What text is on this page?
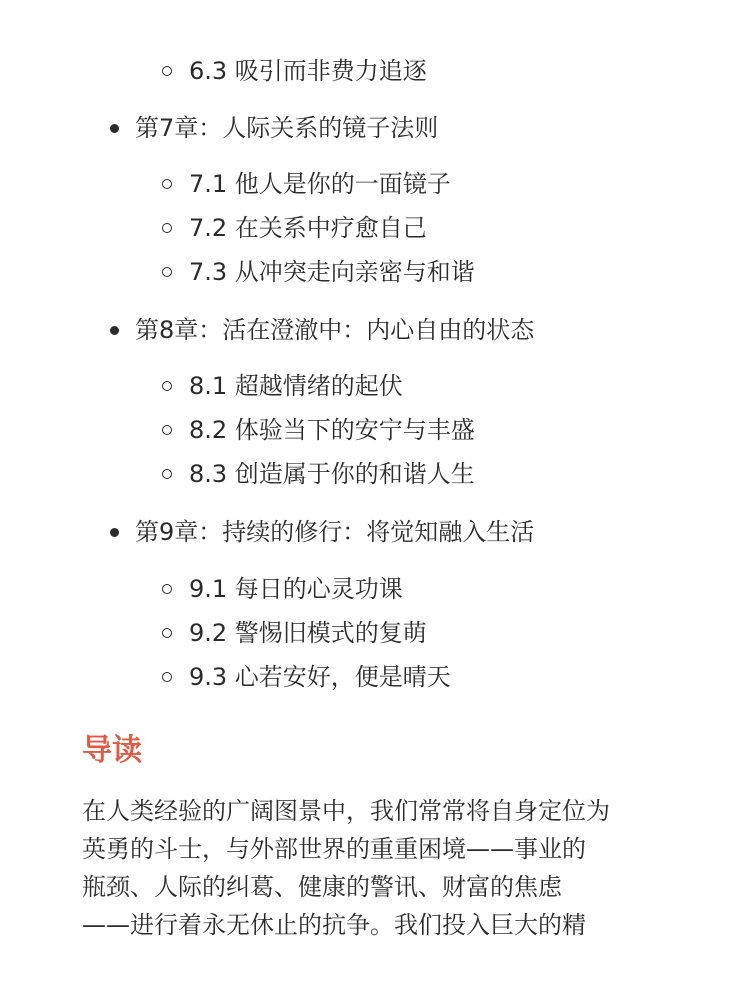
6.3 吸引而非费力追逐
第7章：人际关系的镜子法则
7.1 他人是你的一面镜子
7.2 在关系中疗愈自己
7.3 从冲突走向亲密与和谐
第8章：活在澄澈中：内心自由的状态
8.1 超越情绪的起伏
8.2 体验当下的安宁与丰盛
8.3 创造属于你的和谐人生
第9章：持续的修行：将觉知融入生活
9.1 每日的心灵功课
9.2 警惕旧模式的复萌
9.3 心若安好，便是晴天
导读

在人类经验的广阔图景中，我们常常将自身定位为
英勇的斗士，与外部世界的重重困境——事业的
瓶颈、人际的纠葛、健康的警讯、财富的焦虑
——进行着永无休止的抗争。我们投入巨大的精
